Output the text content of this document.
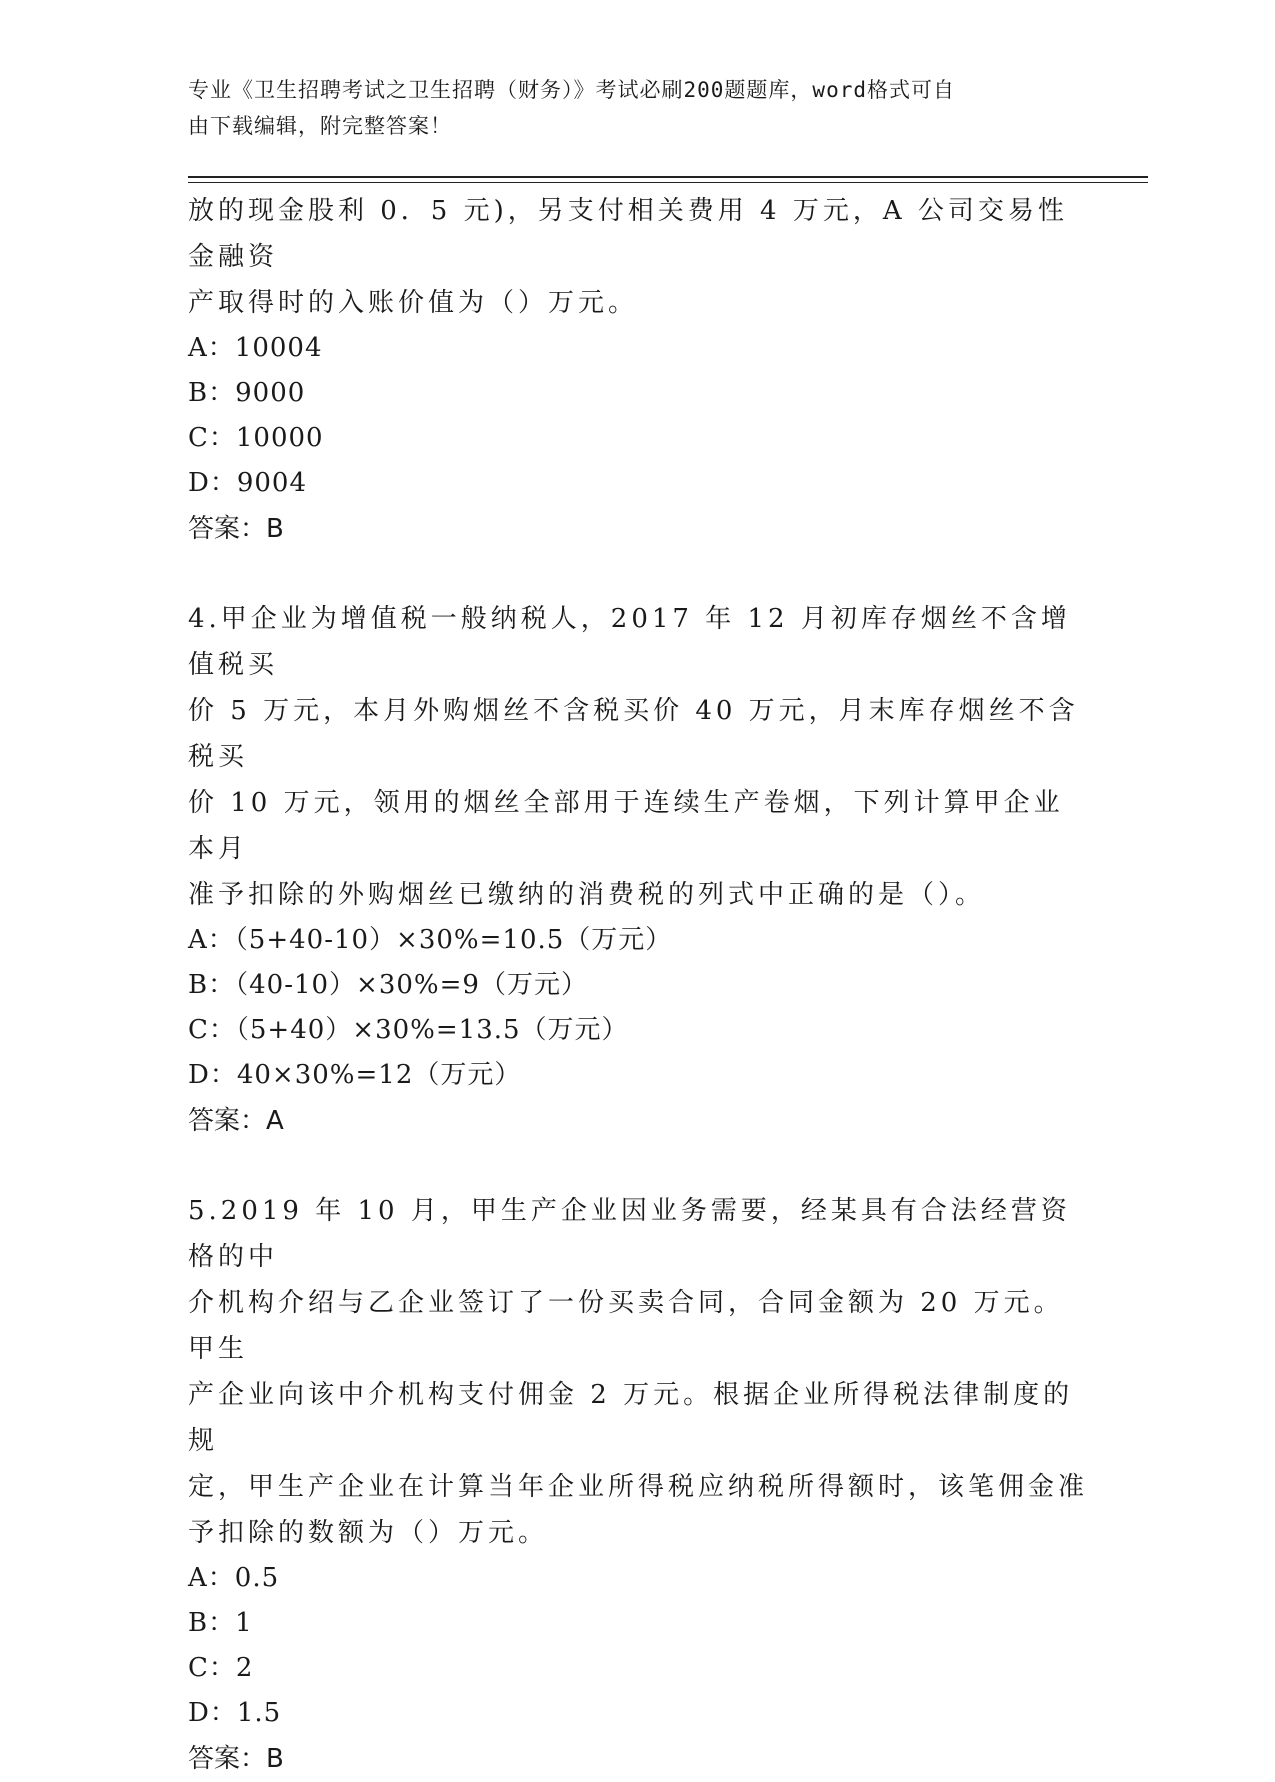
专业《卫生招聘考试之卫生招聘（财务）》考试必刷200题题库，word格式可自
由下载编辑，附完整答案！

放的现金股利 0．5 元)，另支付相关费用 4 万元，A 公司交易性金融资

产取得时的入账价值为（）万元。

A：10004

B：9000

C：10000

D：9004

答案：B

4.甲企业为增值税一般纳税人，2017 年 12 月初库存烟丝不含增值税买

价 5 万元，本月外购烟丝不含税买价 40 万元，月末库存烟丝不含税买

价 10 万元，领用的烟丝全部用于连续生产卷烟，下列计算甲企业本月

准予扣除的外购烟丝已缴纳的消费税的列式中正确的是（）。

A：（5+40-10）×30%=10.5（万元）

B：（40-10）×30%=9（万元）

C：（5+40）×30%=13.5（万元）

D：40×30%=12（万元）

答案：A

5.2019 年 10 月，甲生产企业因业务需要，经某具有合法经营资格的中

介机构介绍与乙企业签订了一份买卖合同，合同金额为 20 万元。甲生

产企业向该中介机构支付佣金 2 万元。根据企业所得税法律制度的规

定，甲生产企业在计算当年企业所得税应纳税所得额时，该笔佣金准

予扣除的数额为（）万元。

A：0.5

B：1

C：2

D：1.5

答案：B
